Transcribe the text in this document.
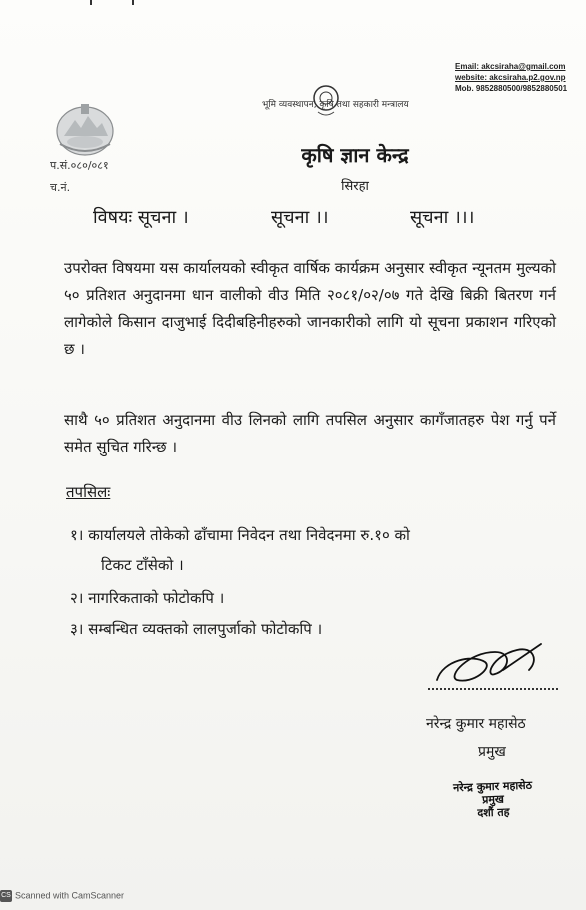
प.सं.०८०/०८१
च.नं.
Email: akcsiraha@gmail.com
website: akcsiraha.p2.gov.np
Mob. 9852880500/9852880501
भूमि व्यवस्थापन, कृषि तथा सहकारी मन्त्रालय
कृषि ज्ञान केन्द्र
सिरहा
विषयः सूचना ।	सूचना ।।	सूचना ।।।
उपरोक्त विषयमा यस कार्यालयको स्वीकृत वार्षिक कार्यक्रम अनुसार स्वीकृत न्यूनतम मुल्यको ५० प्रतिशत अनुदानमा धान वालीको वीउ मिति २०८१/०२/०७ गते देखि बिक्री बितरण गर्न लागेकोले किसान दाजुभाई दिदीबहिनीहरुको जानकारीको लागि यो सूचना प्रकाशन गरिएको छ ।
साथै ५० प्रतिशत अनुदानमा वीउ लिनको लागि तपसिल अनुसार कागँजातहरु पेश गर्नु पर्ने समेत सुचित गरिन्छ ।
तपसिलः
१। कार्यालयले तोकेको ढाँचामा निवेदन तथा निवेदनमा रु.१० को
टिकट टाँसेको ।
२। नागरिकताको फोटोकपि ।
३। सम्बन्धित व्यक्तको लालपुर्जाको फोटोकपि ।
नरेन्द्र कुमार महासेठ
प्रमुख
नरेन्द्र कुमार महासेठ
प्रमुख
दशौं तह
CS Scanned with CamScanner
